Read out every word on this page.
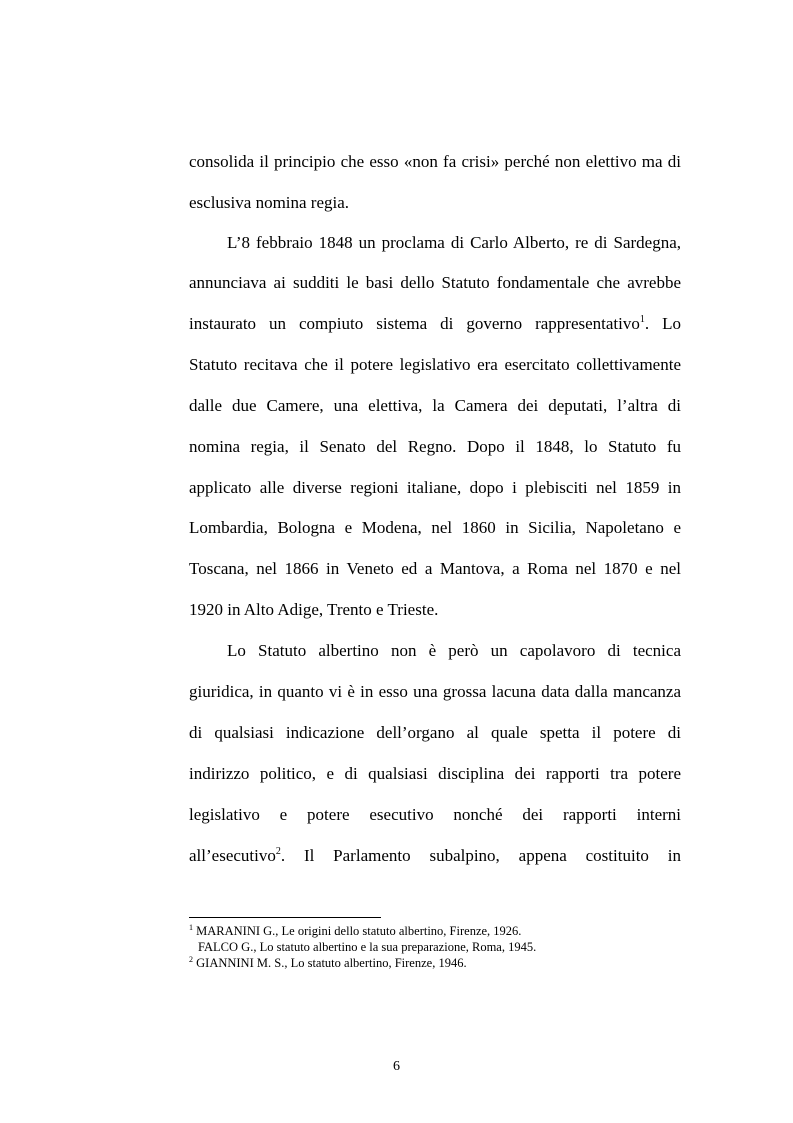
consolida il principio che esso «non fa crisi» perché non elettivo ma di

esclusiva nomina regia.

L’8 febbraio 1848 un proclama di Carlo Alberto, re di Sardegna,

annunciava ai sudditi le basi dello Statuto fondamentale che avrebbe

instaurato un compiuto sistema di governo rappresentativo$^1$. Lo

Statuto recitava che il potere legislativo era esercitato collettivamente

dalle due Camere, una elettiva, la Camera dei deputati, l’altra di

nomina regia, il Senato del Regno. Dopo il 1848, lo Statuto fu

applicato alle diverse regioni italiane, dopo i plebisciti nel 1859 in

Lombardia, Bologna e Modena, nel 1860 in Sicilia, Napoletano e

Toscana, nel 1866 in Veneto ed a Mantova, a Roma nel 1870 e nel

1920 in Alto Adige, Trento e Trieste.

Lo Statuto albertino non è però un capolavoro di tecnica

giuridica, in quanto vi è in esso una grossa lacuna data dalla mancanza

di qualsiasi indicazione dell’organo al quale spetta il potere di

indirizzo politico, e di qualsiasi disciplina dei rapporti tra potere

legislativo e potere esecutivo nonché dei rapporti interni

all’esecutivo$^2$. Il Parlamento subalpino, appena costituito in

$^1$ MARANINI G., Le origini dello statuto albertino, Firenze, 1926.

FALCO G., Lo statuto albertino e la sua preparazione, Roma, 1945.

$^2$ GIANNINI M. S., Lo statuto albertino, Firenze, 1946.

6
